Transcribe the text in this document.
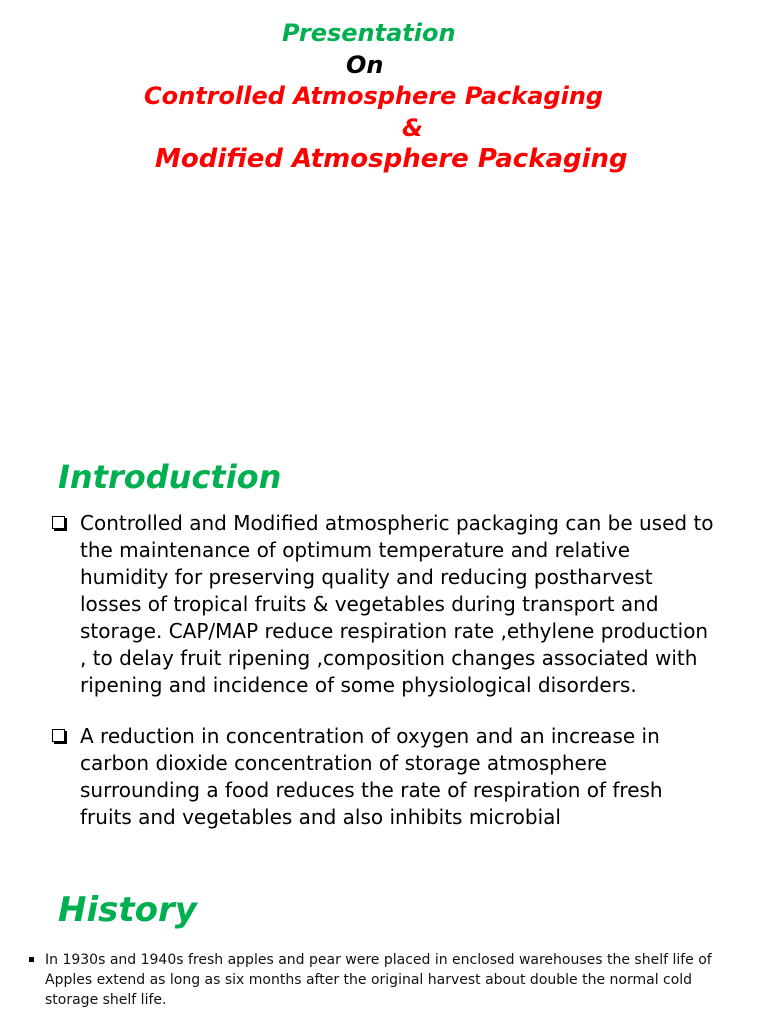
Presentation
On
Controlled Atmosphere Packaging
&
Modified Atmosphere Packaging
Introduction
Controlled and Modified atmospheric packaging can be used to the maintenance of optimum temperature and relative humidity for preserving quality and reducing postharvest losses of tropical fruits & vegetables during transport and storage. CAP/MAP reduce respiration rate ,ethylene production , to delay fruit ripening ,composition changes associated with ripening and incidence of some physiological disorders.
A reduction in concentration of oxygen and an increase in carbon dioxide concentration of storage atmosphere surrounding a food reduces the rate of respiration of fresh fruits and vegetables and also inhibits microbial
History
In 1930s and 1940s fresh apples and pear were placed in enclosed warehouses the shelf life of Apples extend as long as six months after the original harvest about double the normal cold storage shelf life.
